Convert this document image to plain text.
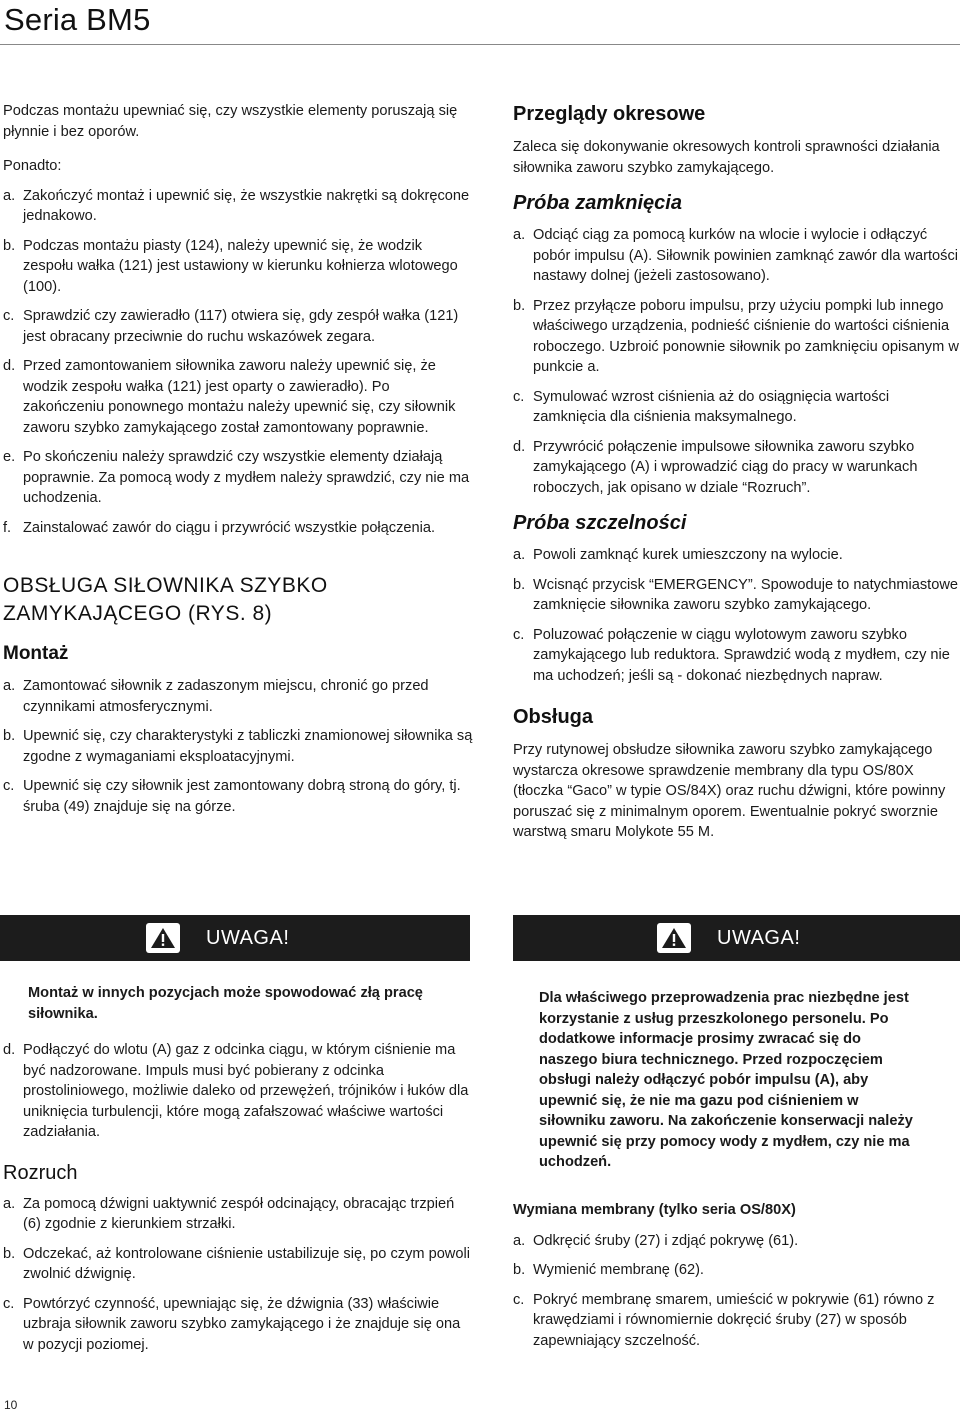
Seria BM5

Podczas montażu upewniać się, czy wszystkie elementy poruszają się płynnie i bez oporów.

Ponadto:

a. Zakończyć montaż i upewnić się, że wszystkie nakrętki są dokręcone jednakowo.
b. Podczas montażu piasty (124), należy upewnić się, że wodzik zespołu wałka (121) jest ustawiony w kierunku kołnierza wlotowego (100).
c. Sprawdzić czy zawieradło (117) otwiera się, gdy zespół wałka (121) jest obracany przeciwnie do ruchu wskazówek zegara.
d. Przed zamontowaniem siłownika zaworu należy upewnić się, że wodzik zespołu wałka (121) jest oparty o zawieradło). Po zakończeniu ponownego montażu należy upewnić się, czy siłownik zaworu szybko zamykającego został zamontowany poprawnie.
e. Po skończeniu należy sprawdzić czy wszystkie elementy działają poprawnie. Za pomocą wody z mydłem należy sprawdzić, czy nie ma uchodzenia.
f. Zainstalować zawór do ciągu i przywrócić wszystkie połączenia.
OBSŁUGA SIŁOWNIKA SZYBKO ZAMYKAJĄCEGO (RYS. 8)
Montaż
a. Zamontować siłownik z zadaszonym miejscu, chronić go przed czynnikami atmosferycznymi.
b. Upewnić się, czy charakterystyki z tabliczki znamionowej siłownika są zgodne z wymaganiami eksploatacyjnymi.
c. Upewnić się czy siłownik jest zamontowany dobrą stroną do góry, tj. śruba (49) znajduje się na górze.
Przeglądy okresowe

Zaleca się dokonywanie okresowych kontroli sprawności działania siłownika zaworu szybko zamykającego.

Próba zamknięcia
a. Odciąć ciąg za pomocą kurków na wlocie i wylocie i odłączyć pobór impulsu (A). Siłownik powinien zamknąć zawór dla wartości nastawy dolnej (jeżeli zastosowano).
b. Przez przyłącze poboru impulsu, przy użyciu pompki lub innego właściwego urządzenia, podnieść ciśnienie do wartości ciśnienia roboczego. Uzbroić ponownie siłownik po zamknięciu opisanym w punkcie a.
c. Symulować wzrost ciśnienia aż do osiągnięcia wartości zamknięcia dla ciśnienia maksymalnego.
d. Przywrócić połączenie impulsowe siłownika zaworu szybko zamykającego (A) i wprowadzić ciąg do pracy w warunkach roboczych, jak opisano w dziale “Rozruch”.
Próba szczelności
a. Powoli zamknąć kurek umieszczony na wylocie.
b. Wcisnąć przycisk “EMERGENCY”. Spowoduje to natychmiastowe zamknięcie siłownika zaworu szybko zamykającego.
c. Poluzować połączenie w ciągu wylotowym zaworu szybko zamykającego lub reduktora. Sprawdzić wodą z mydłem, czy nie ma uchodzeń; jeśli są - dokonać niezbędnych napraw.
Obsługa

Przy rutynowej obsłudze siłownika zaworu szybko zamykającego wystarcza okresowe sprawdzenie membrany dla typu OS/80X (tłoczka “Gaco” w typie OS/84X) oraz ruchu dźwigni, które powinny poruszać się z minimalnym oporem. Ewentualnie pokryć sworznie warstwą smaru Molykote 55 M.

UWAGA!	UWAGA!

Montaż w innych pozycjach może spowodować złą pracę siłownika.

Dla właściwego przeprowadzenia prac niezbędne jest korzystanie z usług przeszkolonego personelu. Po dodatkowe informacje prosimy zwracać się do naszego biura technicznego. Przed rozpoczęciem obsługi należy odłączyć pobór impulsu (A), aby upewnić się, że nie ma gazu pod ciśnieniem w siłowniku zaworu. Na zakończenie konserwacji należy upewnić się przy pomocy wody z mydłem, czy nie ma uchodzeń.

d. Podłączyć do wlotu (A) gaz z odcinka ciągu, w którym ciśnienie ma być nadzorowane. Impuls musi być pobierany z odcinka prostoliniowego, możliwie daleko od przewężeń, trójników i łuków dla uniknięcia turbulencji, które mogą zafałszować właściwe wartości zadziałania.
Rozruch
a. Za pomocą dźwigni uaktywnić zespół odcinający, obracając trzpień (6) zgodnie z kierunkiem strzałki.
b. Odczekać, aż kontrolowane ciśnienie ustabilizuje się, po czym powoli zwolnić dźwignię.
c. Powtórzyć czynność, upewniając się, że dźwignia (33) właściwie uzbraja siłownik zaworu szybko zamykającego i że znajduje się ona w pozycji poziomej.

Wymiana membrany (tylko seria OS/80X)

a. Odkręcić śruby (27) i zdjąć pokrywę (61).
b. Wymienić membranę (62).
c. Pokryć membranę smarem, umieścić w pokrywie (61) równo z krawędziami i równomiernie dokręcić śruby (27) w sposób zapewniający szczelność.
10
